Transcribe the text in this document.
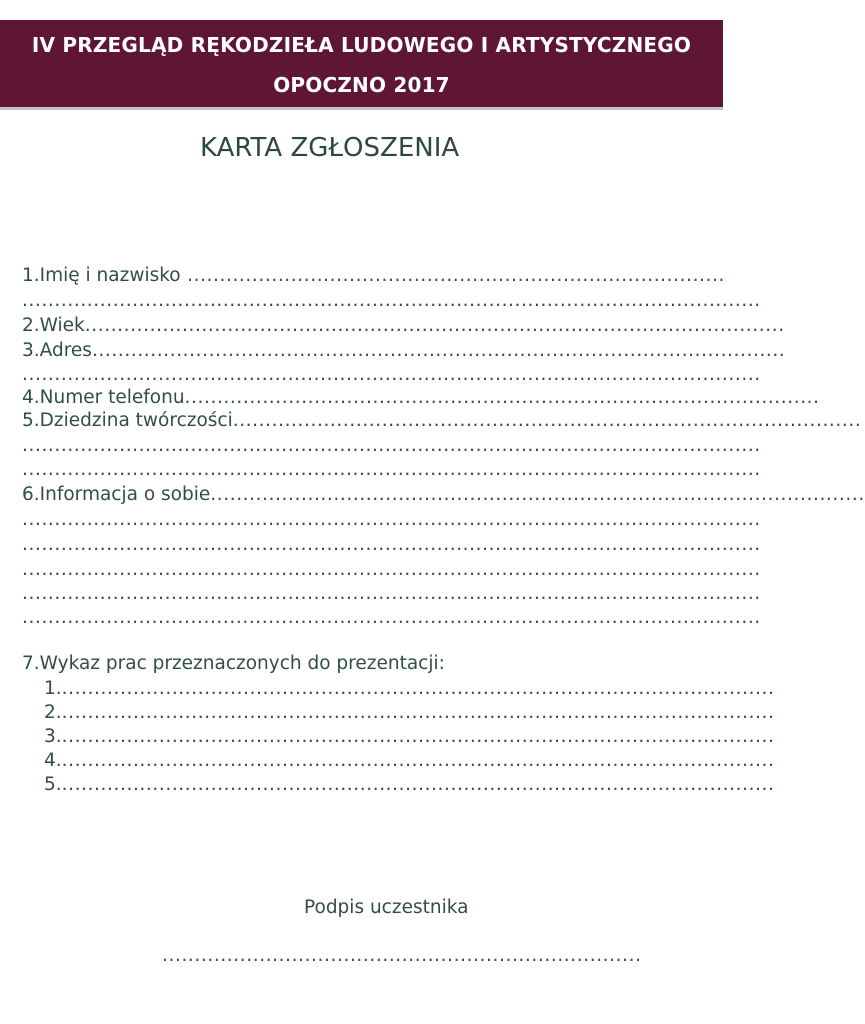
IV PRZEGLĄD RĘKODZIEŁA LUDOWEGO I ARTYSTYCZNEGO
OPOCZNO 2017
KARTA ZGŁOSZENIA
1.Imię i nazwisko ...................................................................................
..................................................................................................................
2.Wiek............................................................................................................
3.Adres...........................................................................................................
..................................................................................................................
4.Numer telefonu..................................................................................................
5.Dziedzina twórczości.................................................................................................
..................................................................................................................
..................................................................................................................
6.Informacja o sobie.....................................................................................................
..................................................................................................................
..................................................................................................................
..................................................................................................................
..................................................................................................................
..................................................................................................................
7.Wykaz prac przeznaczonych do prezentacji:
1...............................................................................................................
2...............................................................................................................
3...............................................................................................................
4...............................................................................................................
5...............................................................................................................
Podpis uczestnika
..........................................................................
